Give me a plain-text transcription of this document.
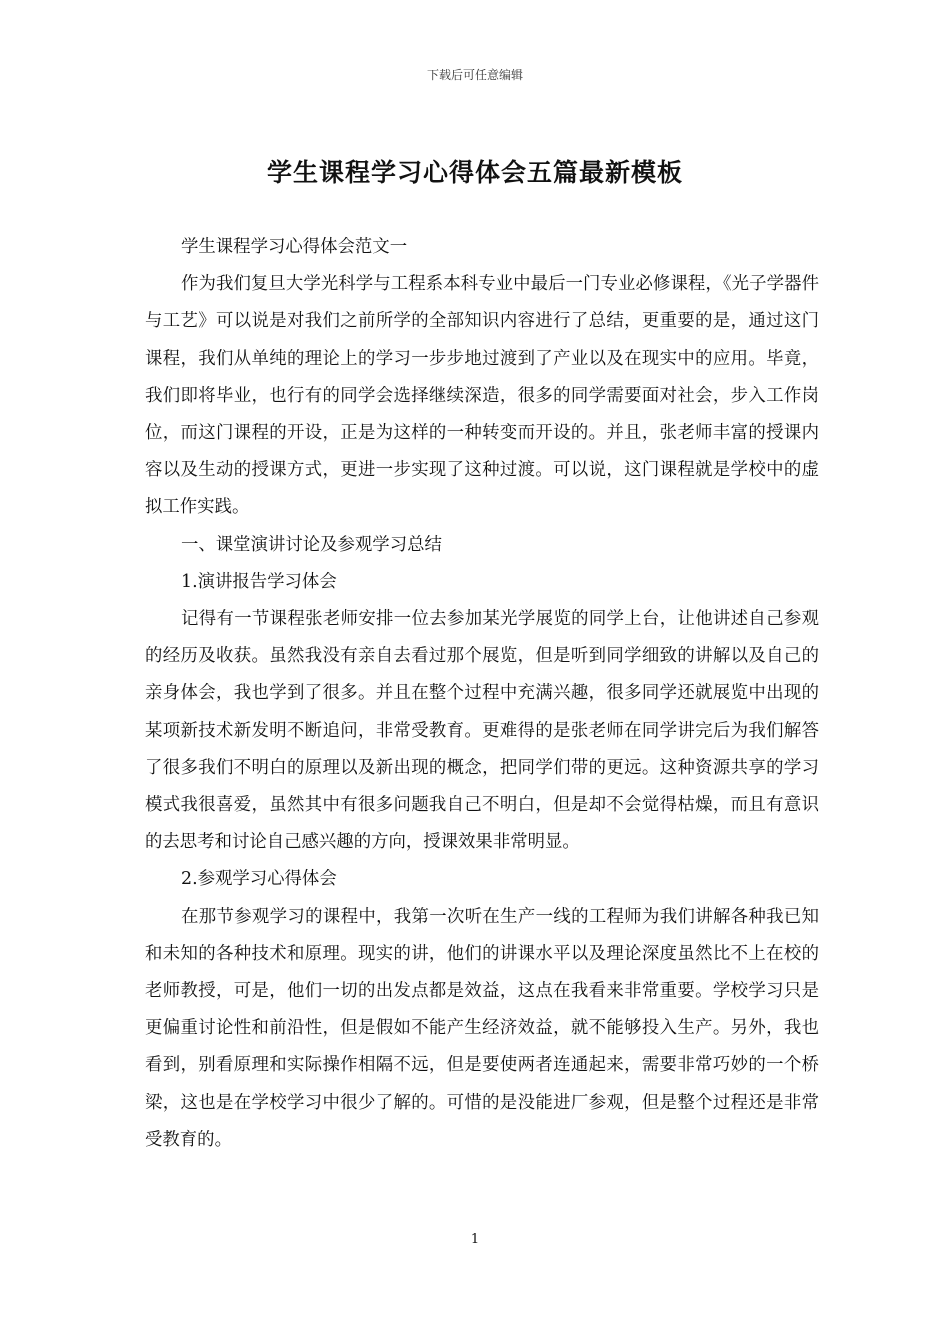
下载后可任意编辑
学生课程学习心得体会五篇最新模板

学生课程学习心得体会范文一

作为我们复旦大学光科学与工程系本科专业中最后一门专业必修课程，《光子学器件与工艺》可以说是对我们之前所学的全部知识内容进行了总结，更重要的是，通过这门课程，我们从单纯的理论上的学习一步步地过渡到了产业以及在现实中的应用。毕竟，我们即将毕业，也行有的同学会选择继续深造，很多的同学需要面对社会，步入工作岗位，而这门课程的开设，正是为这样的一种转变而开设的。并且，张老师丰富的授课内容以及生动的授课方式，更进一步实现了这种过渡。可以说，这门课程就是学校中的虚拟工作实践。

一、课堂演讲讨论及参观学习总结

1.演讲报告学习体会

记得有一节课程张老师安排一位去参加某光学展览的同学上台，让他讲述自己参观的经历及收获。虽然我没有亲自去看过那个展览，但是听到同学细致的讲解以及自己的亲身体会，我也学到了很多。并且在整个过程中充满兴趣，很多同学还就展览中出现的某项新技术新发明不断追问，非常受教育。更难得的是张老师在同学讲完后为我们解答了很多我们不明白的原理以及新出现的概念，把同学们带的更远。这种资源共享的学习模式我很喜爱，虽然其中有很多问题我自己不明白，但是却不会觉得枯燥，而且有意识的去思考和讨论自己感兴趣的方向，授课效果非常明显。

2.参观学习心得体会

在那节参观学习的课程中，我第一次听在生产一线的工程师为我们讲解各种我已知和未知的各种技术和原理。现实的讲，他们的讲课水平以及理论深度虽然比不上在校的老师教授，可是，他们一切的出发点都是效益，这点在我看来非常重要。学校学习只是更偏重讨论性和前沿性，但是假如不能产生经济效益，就不能够投入生产。另外，我也看到，别看原理和实际操作相隔不远，但是要使两者连通起来，需要非常巧妙的一个桥梁，这也是在学校学习中很少了解的。可惜的是没能进厂参观，但是整个过程还是非常受教育的。

1
